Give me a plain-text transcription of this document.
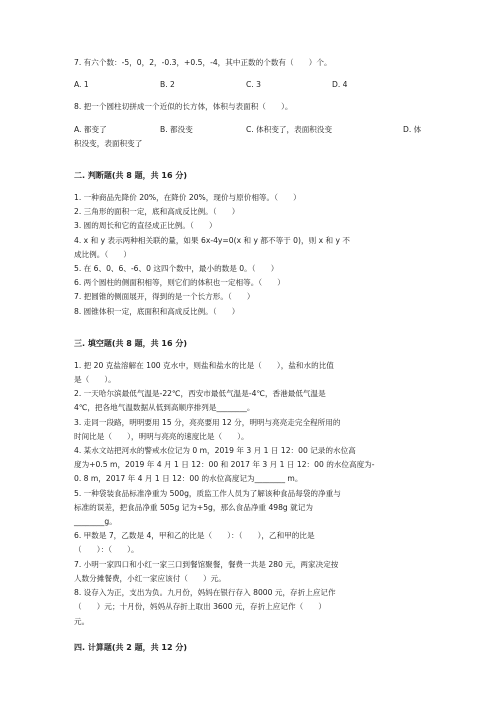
7. 有六个数：-5，0，2，-0.3，+0.5，-4，其中正数的个数有（　　）个。

A. 1	B. 2	C. 3	D. 4

8. 把一个圆柱切拼成一个近似的长方体，体积与表面积（　　）。

A. 都变了	B. 都没变	C. 体积变了，表面积没变	D. 体

积没变，表面积变了

二. 判断题(共 8 题，共 16 分)

1. 一种商品先降价 20%，在降价 20%，现价与原价相等。（　　）

2. 三角形的面积一定，底和高成反比例。（　　）

3. 圆的周长和它的直径成正比例。（　　）

4. x 和 y 表示两种相关联的量，如果 6x-4y=0(x 和 y 都不等于 0)，则 x 和 y 不

成比例。（　　）

5. 在 6、0、6、-6、0 这四个数中，最小的数是 0。（　　）

6. 两个圆柱的侧面积相等，则它们的体积也一定相等。（　　）

7. 把圆锥的侧面展开，得到的是一个长方形。（　　）

8. 圆锥体积一定，底面积和高成反比例。（　　）

三. 填空题(共 8 题，共 16 分)

1. 把 20 克盐溶解在 100 克水中，则盐和盐水的比是（　　），盐和水的比值

是（　　）。

2. 一天哈尔滨最低气温是-22℃，西安市最低气温是-4℃，香港最低气温是

4℃，把各地气温数据从低到高顺序排列是________。

3. 走同一段路，明明要用 15 分，亮亮要用 12 分，明明与亮亮走完全程所用的

时间比是（　　），明明与亮亮的速度比是（　　）。

4. 某水文站把河水的警戒水位记为 0 m，2019 年 3 月 1 日 12：00 记录的水位高

度为+0.5 m，2019 年 4 月 1 日 12：00 和 2017 年 3 月 1 日 12：00 的水位高度为-

0. 8 m，2017 年 4 月 1 日 12：00 的水位高度记为________ m。

5. 一种袋装食品标准净重为 500g，质监工作人员为了解该种食品每袋的净重与

标准的误差，把食品净重 505g 记为+5g，那么食品净重 498g 就记为

________g。

6. 甲数是 7，乙数是 4，甲和乙的比是（　　）：（　　），乙和甲的比是

（　　）：（　　）。

7. 小明一家四口和小红一家三口到餐馆聚餐，餐费一共是 280 元，两家决定按

人数分摊餐费，小红一家应该付（　　）元。

8. 设存入为正，支出为负。九月份，妈妈在银行存入 8000 元，存折上应记作

（　　）元；十月份，妈妈从存折上取出 3600 元，存折上应记作（　　）

元。

四. 计算题(共 2 题，共 12 分)
